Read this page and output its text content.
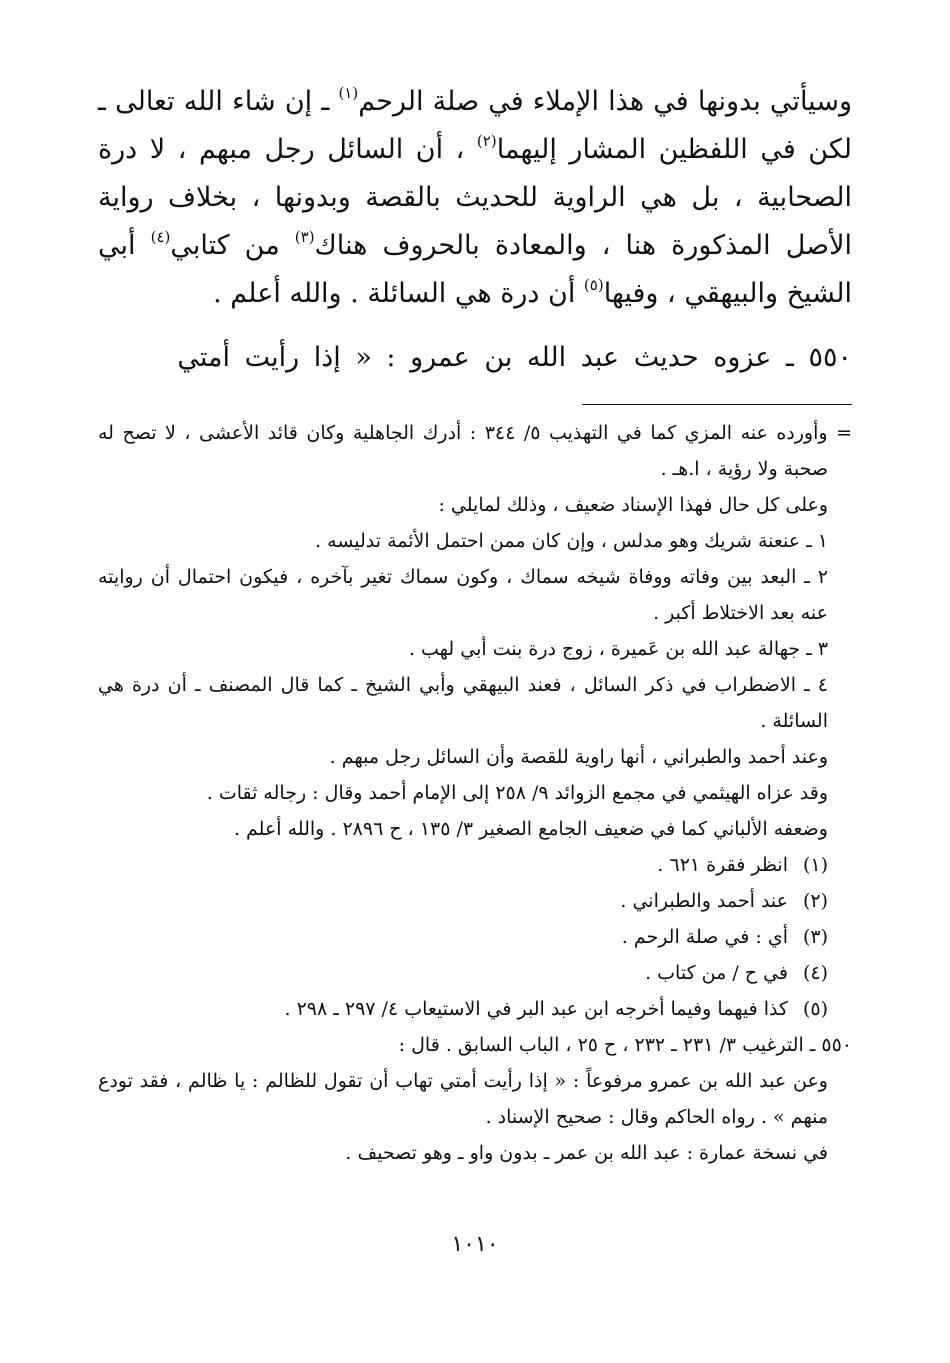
وسيأتي بدونها في هذا الإملاء في صلة الرحم$^{(١)}$ ـ إن شاء الله تعالى ـ لكن في اللفظين المشار إليهما$^{(٢)}$ ، أن السائل رجل مبهم ، لا درة الصحابية ، بل هي الراوية للحديث بالقصة وبدونها ، بخلاف رواية الأصل المذكورة هنا ، والمعادة بالحروف هناك$^{(٣)}$ من كتابي$^{(٤)}$ أبي الشيخ والبيهقي ، وفيها$^{(٥)}$ أن درة هي السائلة . والله أعلم .

٥٥٠ ـ عزوه حديث عبد الله بن عمرو : « إذا رأيت أمتي

= وأورده عنه المزي كما في التهذيب ٥/ ٣٤٤ : أدرك الجاهلية وكان قائد الأعشى ، لا تصح له صحبة ولا رؤية ، ا.هـ .

وعلى كل حال فهذا الإسناد ضعيف ، وذلك لمايلي :

١ ـ عنعنة شريك وهو مدلس ، وإن كان ممن احتمل الأئمة تدليسه .

٢ ـ البعد بين وفاته ووفاة شيخه سماك ، وكون سماك تغير بآخره ، فيكون احتمال أن روايته عنه بعد الاختلاط أكبر .

٣ ـ جهالة عبد الله بن عَميرة ، زوج درة بنت أبي لهب .

٤ ـ الاضطراب في ذكر السائل ، فعند البيهقي وأبي الشيخ ـ كما قال المصنف ـ أن درة هي السائلة .

وعند أحمد والطبراني ، أنها راوية للقصة وأن السائل رجل مبهم .

وقد عزاه الهيثمي في مجمع الزوائد ٩/ ٢٥٨ إلى الإمام أحمد وقال : رجاله ثقات .

وضعفه الألباني كما في ضعيف الجامع الصغير ٣/ ١٣٥ ، ح ٢٨٩٦ . والله أعلم .

(١)
انظر فقرة ٦٢١ .
(٢)
عند أحمد والطبراني .
(٣)
أي : في صلة الرحم .
(٤)
في ح / من كتاب .
(٥)
كذا فيهما وفيما أخرجه ابن عبد البر في الاستيعاب ٤/ ٢٩٧ ـ ٢٩٨ .

٥٥٠ ـ الترغيب ٣/ ٢٣١ ـ ٢٣٢ ، ح ٢٥ ، الباب السابق . قال :

وعن عبد الله بن عمرو مرفوعاً : « إذا رأيت أمتي تهاب أن تقول للظالم : يا ظالم ، فقد تودع منهم » . رواه الحاكم وقال : صحيح الإسناد .

في نسخة عمارة : عبد الله بن عمر ـ بدون واو ـ وهو تصحيف .

١٠١٠
